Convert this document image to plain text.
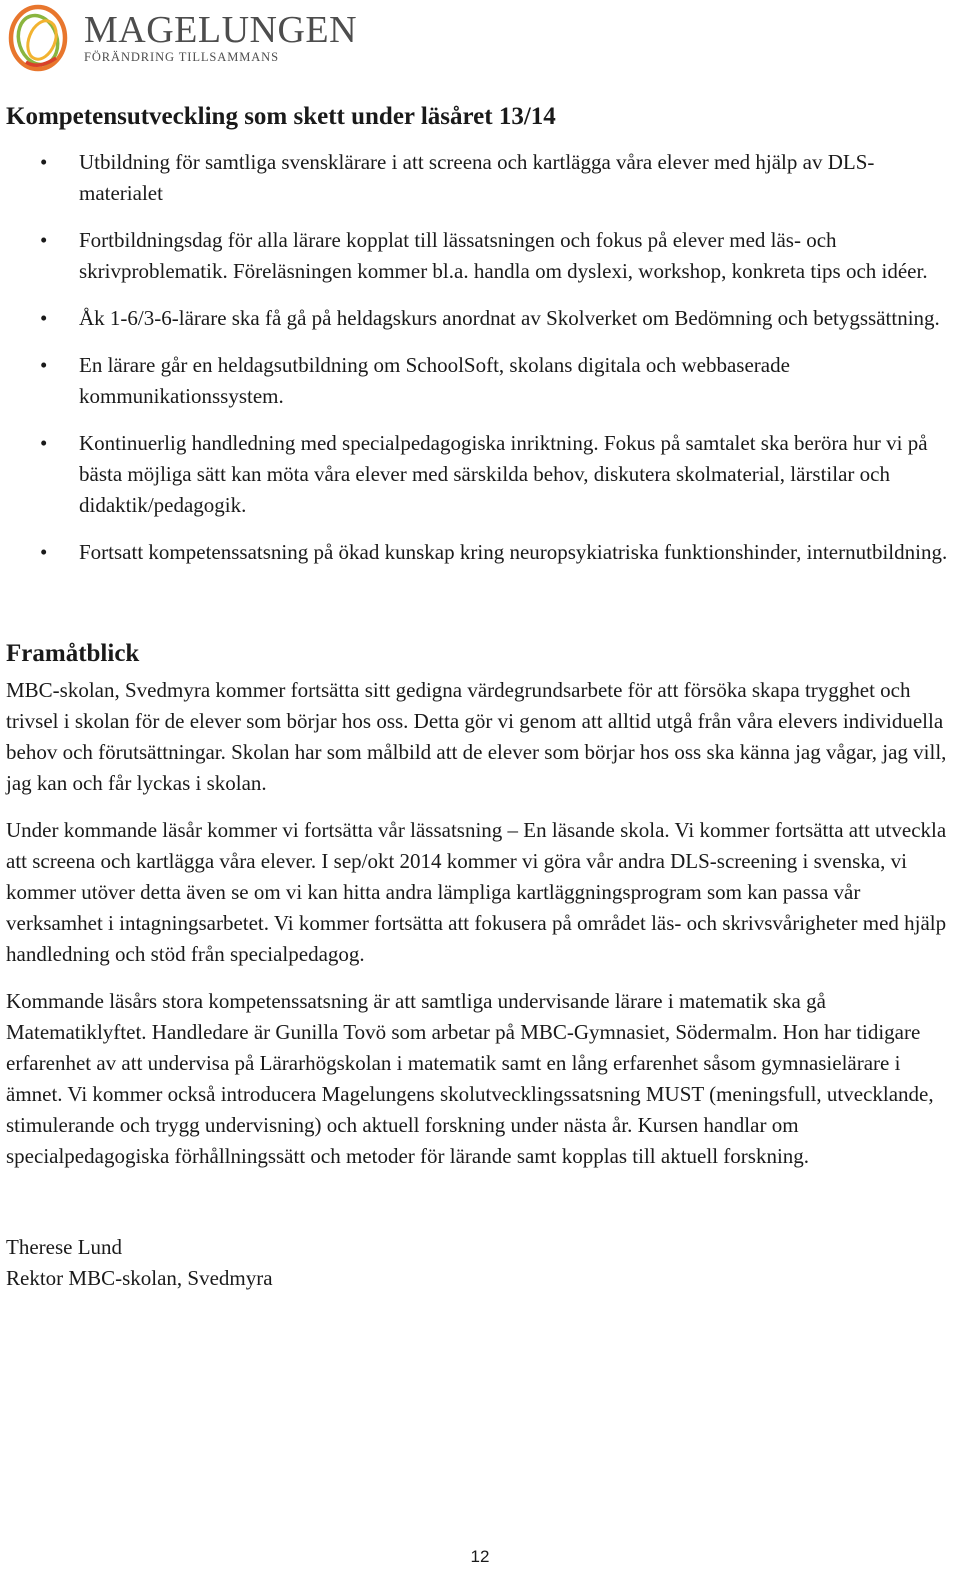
MAGELUNGEN
FÖRÄNDRING TILLSAMMANS
Kompetensutveckling som skett under läsåret 13/14
• Utbildning för samtliga svensklärare i att screena och kartlägga våra elever med hjälp av DLS-materialet
• Fortbildningsdag för alla lärare kopplat till lässatsningen och fokus på elever med läs- och skrivproblematik. Föreläsningen kommer bl.a. handla om dyslexi, workshop, konkreta tips och idéer.
• Åk 1-6/3-6-lärare ska få gå på heldagskurs anordnat av Skolverket om Bedömning och betygssättning.
• En lärare går en heldagsutbildning om SchoolSoft, skolans digitala och webbaserade kommunikationssystem.
• Kontinuerlig handledning med specialpedagogiska inriktning. Fokus på samtalet ska beröra hur vi på bästa möjliga sätt kan möta våra elever med särskilda behov, diskutera skolmaterial, lärstilar och didaktik/pedagogik.
• Fortsatt kompetenssatsning på ökad kunskap kring neuropsykiatriska funktionshinder, internutbildning.
Framåtblick

MBC-skolan, Svedmyra kommer fortsätta sitt gedigna värdegrundsarbete för att försöka skapa trygghet och trivsel i skolan för de elever som börjar hos oss. Detta gör vi genom att alltid utgå från våra elevers individuella behov och förutsättningar. Skolan har som målbild att de elever som börjar hos oss ska känna jag vågar, jag vill, jag kan och får lyckas i skolan.

Under kommande läsår kommer vi fortsätta vår lässatsning – En läsande skola. Vi kommer fortsätta att utveckla att screena och kartlägga våra elever. I sep/okt 2014 kommer vi göra vår andra DLS-screening i svenska, vi kommer utöver detta även se om vi kan hitta andra lämpliga kartläggningsprogram som kan passa vår verksamhet i intagningsarbetet. Vi kommer fortsätta att fokusera på området läs- och skrivsvårigheter med hjälp handledning och stöd från specialpedagog.

Kommande läsårs stora kompetenssatsning är att samtliga undervisande lärare i matematik ska gå Matematiklyftet. Handledare är Gunilla Tovö som arbetar på MBC-Gymnasiet, Södermalm. Hon har tidigare erfarenhet av att undervisa på Lärarhögskolan i matematik samt en lång erfarenhet såsom gymnasielärare i ämnet. Vi kommer också introducera Magelungens skolutvecklingssatsning MUST (meningsfull, utvecklande, stimulerande och trygg undervisning) och aktuell forskning under nästa år. Kursen handlar om specialpedagogiska förhållningssätt och metoder för lärande samt kopplas till aktuell forskning.

Therese Lund
Rektor MBC-skolan, Svedmyra
12
